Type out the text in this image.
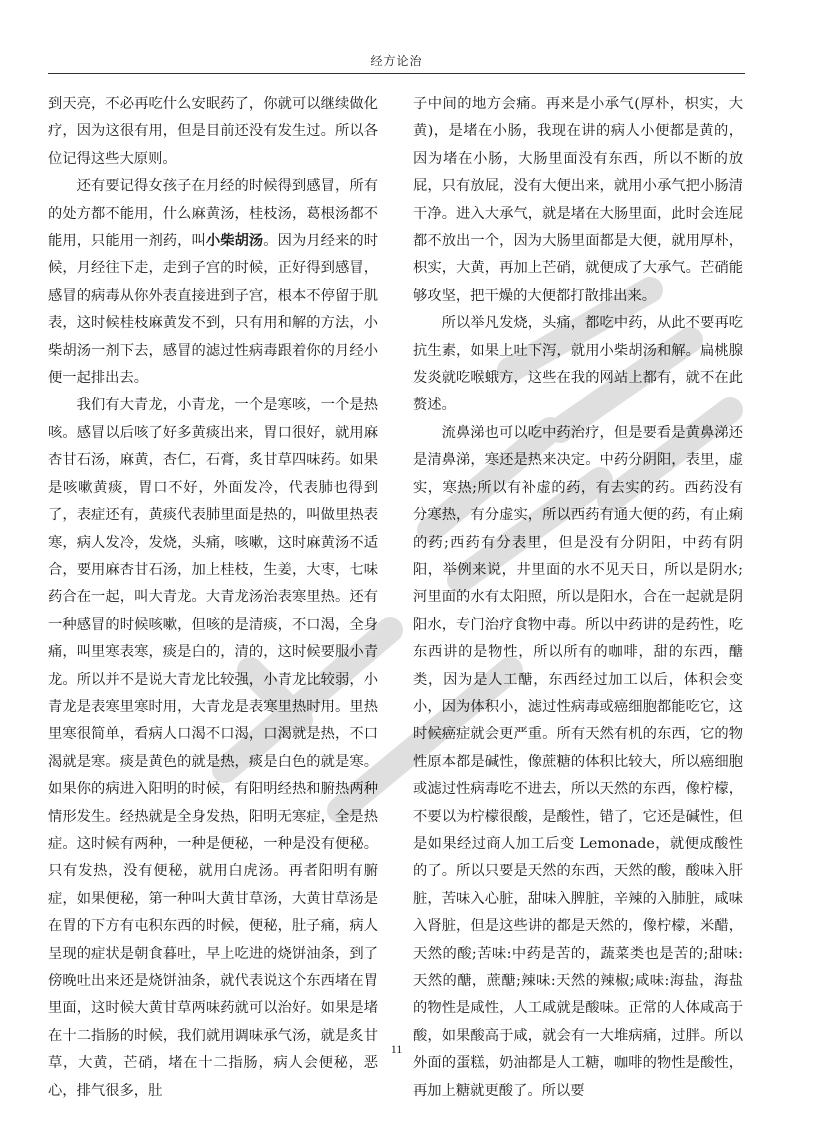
经方论治

到天亮，不必再吃什么安眠药了，你就可以继续做化疗，因为这很有用，但是目前还没有发生过。所以各位记得这些大原则。

还有要记得女孩子在月经的时候得到感冒，所有的处方都不能用，什么麻黄汤，桂枝汤，葛根汤都不能用，只能用一剂药，叫小柴胡汤。因为月经来的时候，月经往下走，走到子宫的时候，正好得到感冒，感冒的病毒从你外表直接进到子宫，根本不停留于肌表，这时候桂枝麻黄发不到，只有用和解的方法，小柴胡汤一剂下去，感冒的滤过性病毒跟着你的月经小便一起排出去。

我们有大青龙，小青龙，一个是寒咳，一个是热咳。感冒以后咳了好多黄痰出来，胃口很好，就用麻杏甘石汤，麻黄，杏仁，石膏，炙甘草四味药。如果是咳嗽黄痰，胃口不好，外面发冷，代表肺也得到了，表症还有，黄痰代表肺里面是热的，叫做里热表寒，病人发冷，发烧，头痛，咳嗽，这时麻黄汤不适合，要用麻杏甘石汤，加上桂枝，生姜，大枣，七味药合在一起，叫大青龙。大青龙汤治表寒里热。还有一种感冒的时候咳嗽，但咳的是清痰，不口渴，全身痛，叫里寒表寒，痰是白的，清的，这时候要服小青龙。所以并不是说大青龙比较强，小青龙比较弱，小青龙是表寒里寒时用，大青龙是表寒里热时用。里热里寒很简单，看病人口渴不口渴，口渴就是热，不口渴就是寒。痰是黄色的就是热，痰是白色的就是寒。如果你的病进入阳明的时候，有阳明经热和腑热两种情形发生。经热就是全身发热，阳明无寒症，全是热症。这时候有两种，一种是便秘，一种是没有便秘。只有发热，没有便秘，就用白虎汤。再者阳明有腑症，如果便秘，第一种叫大黄甘草汤，大黄甘草汤是在胃的下方有屯积东西的时候，便秘，肚子痛，病人呈现的症状是朝食暮吐，早上吃进的烧饼油条，到了傍晚吐出来还是烧饼油条，就代表说这个东西堵在胃里面，这时候大黄甘草两味药就可以治好。如果是堵在十二指肠的时候，我们就用调味承气汤，就是炙甘草，大黄，芒硝，堵在十二指肠，病人会便秘，恶心，排气很多，肚

子中间的地方会痛。再来是小承气(厚朴，枳实，大黄)，是堵在小肠，我现在讲的病人小便都是黄的，因为堵在小肠，大肠里面没有东西，所以不断的放屁，只有放屁，没有大便出来，就用小承气把小肠清干净。进入大承气，就是堵在大肠里面，此时会连屁都不放出一个，因为大肠里面都是大便，就用厚朴，枳实，大黄，再加上芒硝，就便成了大承气。芒硝能够攻坚，把干燥的大便都打散排出来。

所以举凡发烧，头痛，都吃中药，从此不要再吃抗生素，如果上吐下泻，就用小柴胡汤和解。扁桃腺发炎就吃喉蛾方，这些在我的网站上都有，就不在此赘述。

流鼻涕也可以吃中药治疗，但是要看是黄鼻涕还是清鼻涕，寒还是热来决定。中药分阴阳，表里，虚实，寒热;所以有补虚的药，有去实的药。西药没有分寒热，有分虚实，所以西药有通大便的药，有止痢的药;西药有分表里，但是没有分阴阳，中药有阴阳，举例来说，井里面的水不见天日，所以是阴水;河里面的水有太阳照，所以是阳水，合在一起就是阴阳水，专门治疗食物中毒。所以中药讲的是药性，吃东西讲的是物性，所以所有的咖啡，甜的东西，醣类，因为是人工醣，东西经过加工以后，体积会变小，因为体积小，滤过性病毒或癌细胞都能吃它，这时候癌症就会更严重。所有天然有机的东西，它的物性原本都是碱性，像蔗糖的体积比较大，所以癌细胞或滤过性病毒吃不进去，所以天然的东西，像柠檬，不要以为柠檬很酸，是酸性，错了，它还是碱性，但是如果经过商人加工后变 Lemonade，就便成酸性的了。所以只要是天然的东西，天然的酸，酸味入肝脏，苦味入心脏，甜味入脾脏，辛辣的入肺脏，咸味入肾脏，但是这些讲的都是天然的，像柠檬，米醋，天然的酸;苦味:中药是苦的，蔬菜类也是苦的;甜味:天然的醣，蔗醣;辣味:天然的辣椒;咸味:海盐，海盐的物性是咸性，人工咸就是酸味。正常的人体咸高于酸，如果酸高于咸，就会有一大堆病痛，过胖。所以外面的蛋糕，奶油都是人工糖，咖啡的物性是酸性，再加上糖就更酸了。所以要

11
